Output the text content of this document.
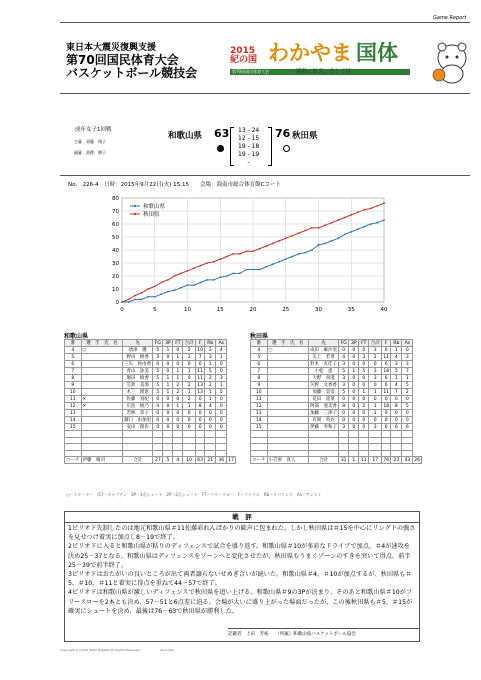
Game Report
東日本大震災復興支援
第70回国民体育大会
バスケットボール競技会
2015
紀の国 わかやま 国体
第70回国民体育大会	躍動と歓喜、そして絆
成年女子1回戦
主審　 須藤　翔子
副審　 冨樫　朝子
和歌山県 63 13 - 24
12 - 15
19 - 18
19 - 19
-
76 秋田県
No.　226-4　 日時：2015年9月22日(火) 15:15　　 会場：海南市総合体育館Cコート
0
10
20
30
40
50
60
70
80
0	5	10	15	20	25	30	35	40
和歌山県
秋田県
和歌山県	秋田県
番	選　手　氏　名	先	FG	3P	FT	合計	F	Rb	As	
4	○	唐津　優	5	1	0	2	10	2	4	
5		野田　桃香	3	0	1	2	7	3	1	
6		三矢　紗由香	0	0	0	0	0	1	0	
7		青山　詠美	5	0	1	1	11	5	0	
8		堀田　綾香	5	1	1	0	11	2	3	
9		笠倉　美那	5	1	2	2	13	2	1	
10		木三　理恵	5	1	2	1	13	1	5	
11	✕	佐藤　真紀	0	0	0	2	0	1	0	
12	✕	広島　綾乃	4	0	1	1	8	4	0	
13		若林　奈子	0	0	0	0	0	0	0	
14		藤口　由加里	0	0	0	0	0	0	0	
15		安田　理佐	0	0	0	0	0	0	0	

コーチ	伊藤　晴司	合計	27	5	4	10	63	21	36	17
番	選　手　氏　名	先	FG	3P	FT	合計	F	Rb	As	
4	○	成田　麻沙実	0	0	0	3	0	1	0	
5		矢上　若菜	4	0	3	2	11	4	3	
6		鈴木　友佳子	3	0	0	0	6	3	3	
7		小松　恵	5	1	5	3	18	5	7	
8		大野　真澄	3	0	0	3	6	1	1	
9		矢野　文香香	3	0	0	0	6	4	5	
10		加藤　美奈	5	0	1	1	11	7	2	
11		花田　遥菜	0	0	0	0	0	0	0	
12		阿部　亜美香	8	0	2	1	18	8	5	
13		加藤　三津子	0	0	0	1	0	0	0	
14		有岡　英衣	0	0	0	0	0	0	0	
15		伊藤　寿和子	3	0	0	3	6	6	6	

コーチ	小笠原　真人	合計	31	1	11	17	76	23	43	26
○ースターター　(C)ーキャプテン　3Pー3点シュート　2Pー2点シュート　FTーフリースロー　Fーファウル　Rbーリバウンド　Asーアシスト
戦　評
1ピリオド先制したのは地元和歌山県＃11佐藤彩れんばかりの歓声に包まれた。しかし秋田県は＃15を中心にリング下の強さを見せつけ着実に加点し8－19で終了。
2ピリオドに入ると和歌山県が粘りのディフェンスで試合を盛り返す。和歌山県＃10が多彩なドライブで加点、＃4が速攻を決め25－37となる。和歌山県はディフェンスをゾーンへと変化させたが、秋田県もうまくゾーンのすきを突いて得点。前半25－39で前半終了。
3ピリオドはおたがいの良いところが出て両者譲らないせめぎ合いが続いた。和歌山県＃4、＃10が加点するが、秋田県も＃5、＃10、＃11と着実に得点を重ねて44－57で終了。
4ピリオドは和歌山県が激しいディフェンスで秋田県を追い上げる。和歌山県＃9の3Pが決まり、そのあと和歌山県＃10がフリースローを2本とも決め、57－51と6点差に迫る。会場が大いに盛り上がった場面だったが、この後秋田県も＃5、＃15が確実にシュートを決め、最後は76－63で秋田県が勝利した。
記載者　 上田　芳裕　　 （所属）和歌山県バスケットボール協会
Copyright (c) 2015 Team Rosetta All Rights Reserved.	Ver.1.00a
